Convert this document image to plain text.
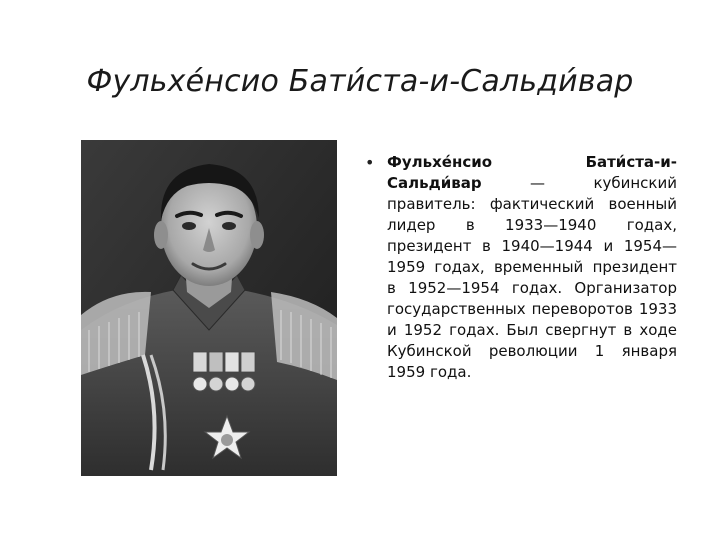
Фульхе́нсио Бати́ста-и-Сальди́вар
• Фульхе́нсио Бати́ста-и-Сальди́вар — кубинский правитель: фактический военный лидер в 1933—1940 годах, президент в 1940—1944 и 1954—1959 годах, временный президент в 1952—1954 годах. Организатор государственных переворотов 1933 и 1952 годах. Был свергнут в ходе Кубинской революции 1 января 1959 года.
